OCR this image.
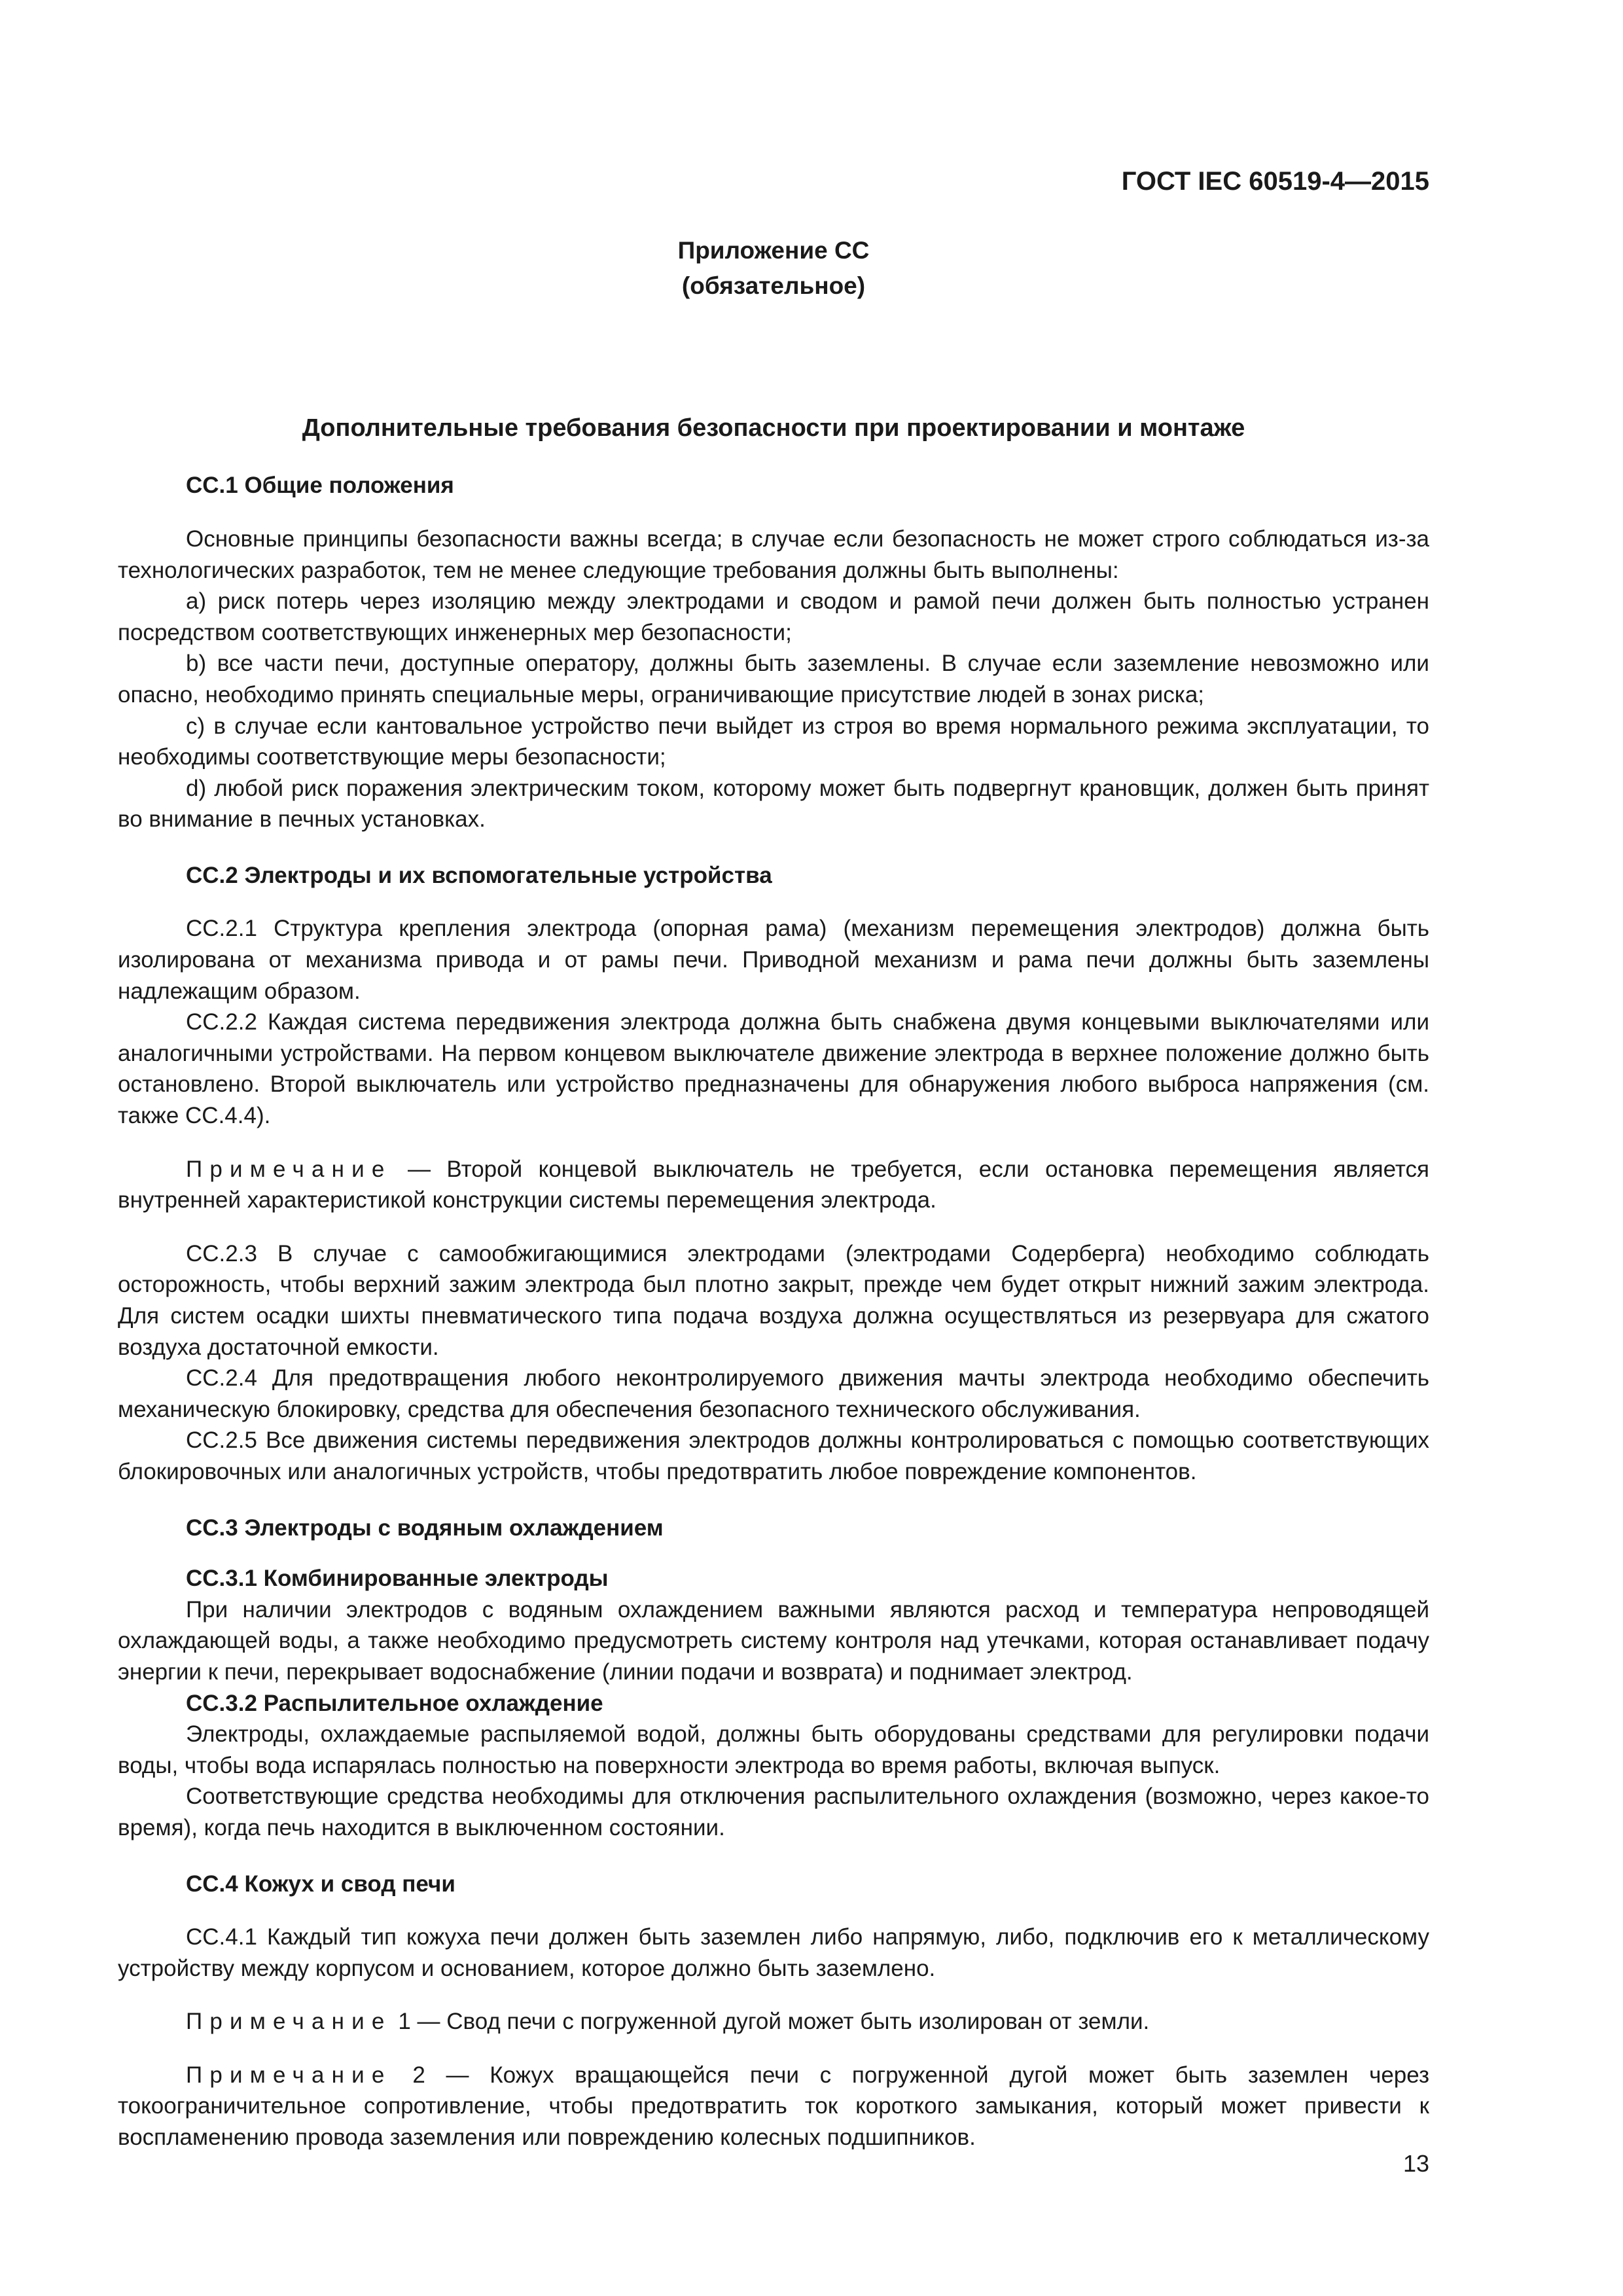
ГОСТ IEC 60519-4—2015
Приложение СС
(обязательное)
Дополнительные требования безопасности при проектировании и монтаже
СС.1 Общие положения

Основные принципы безопасности важны всегда; в случае если безопасность не может строго соблюдаться из-за технологических разработок, тем не менее следующие требования должны быть выполнены:

a) риск потерь через изоляцию между электродами и сводом и рамой печи должен быть полностью устранен посредством соответствующих инженерных мер безопасности;

b) все части печи, доступные оператору, должны быть заземлены. В случае если заземление невозможно или опасно, необходимо принять специальные меры, ограничивающие присутствие людей в зонах риска;

c) в случае если кантовальное устройство печи выйдет из строя во время нормального режима эксплуатации, то необходимы соответствующие меры безопасности;

d) любой риск поражения электрическим током, которому может быть подвергнут крановщик, должен быть принят во внимание в печных установках.

СС.2 Электроды и их вспомогательные устройства

СС.2.1 Структура крепления электрода (опорная рама) (механизм перемещения электродов) должна быть изолирована от механизма привода и от рамы печи. Приводной механизм и рама печи должны быть заземлены надлежащим образом.

СС.2.2 Каждая система передвижения электрода должна быть снабжена двумя концевыми выключателями или аналогичными устройствами. На первом концевом выключателе движение электрода в верхнее положение должно быть остановлено. Второй выключатель или устройство предназначены для обнаружения любого выброса напряжения (см. также СС.4.4).

Примечание — Второй концевой выключатель не требуется, если остановка перемещения является внутренней характеристикой конструкции системы перемещения электрода.

СС.2.3 В случае с самообжигающимися электродами (электродами Содерберга) необходимо соблюдать осторожность, чтобы верхний зажим электрода был плотно закрыт, прежде чем будет открыт нижний зажим электрода. Для систем осадки шихты пневматического типа подача воздуха должна осуществляться из резервуара для сжатого воздуха достаточной емкости.

СС.2.4 Для предотвращения любого неконтролируемого движения мачты электрода необходимо обеспечить механическую блокировку, средства для обеспечения безопасного технического обслуживания.

СС.2.5 Все движения системы передвижения электродов должны контролироваться с помощью соответствующих блокировочных или аналогичных устройств, чтобы предотвратить любое повреждение компонентов.

СС.3 Электроды с водяным охлаждением
СС.3.1 Комбинированные электроды

При наличии электродов с водяным охлаждением важными являются расход и температура непроводящей охлаждающей воды, а также необходимо предусмотреть систему контроля над утечками, которая останавливает подачу энергии к печи, перекрывает водоснабжение (линии подачи и возврата) и поднимает электрод.

СС.3.2 Распылительное охлаждение

Электроды, охлаждаемые распыляемой водой, должны быть оборудованы средствами для регулировки подачи воды, чтобы вода испарялась полностью на поверхности электрода во время работы, включая выпуск.

Соответствующие средства необходимы для отключения распылительного охлаждения (возможно, через какое-то время), когда печь находится в выключенном состоянии.

СС.4 Кожух и свод печи

СС.4.1 Каждый тип кожуха печи должен быть заземлен либо напрямую, либо, подключив его к металлическому устройству между корпусом и основанием, которое должно быть заземлено.

Примечание 1 — Свод печи с погруженной дугой может быть изолирован от земли.

Примечание 2 — Кожух вращающейся печи с погруженной дугой может быть заземлен через токоограничительное сопротивление, чтобы предотвратить ток короткого замыкания, который может привести к воспламенению провода заземления или повреждению колесных подшипников.

13
